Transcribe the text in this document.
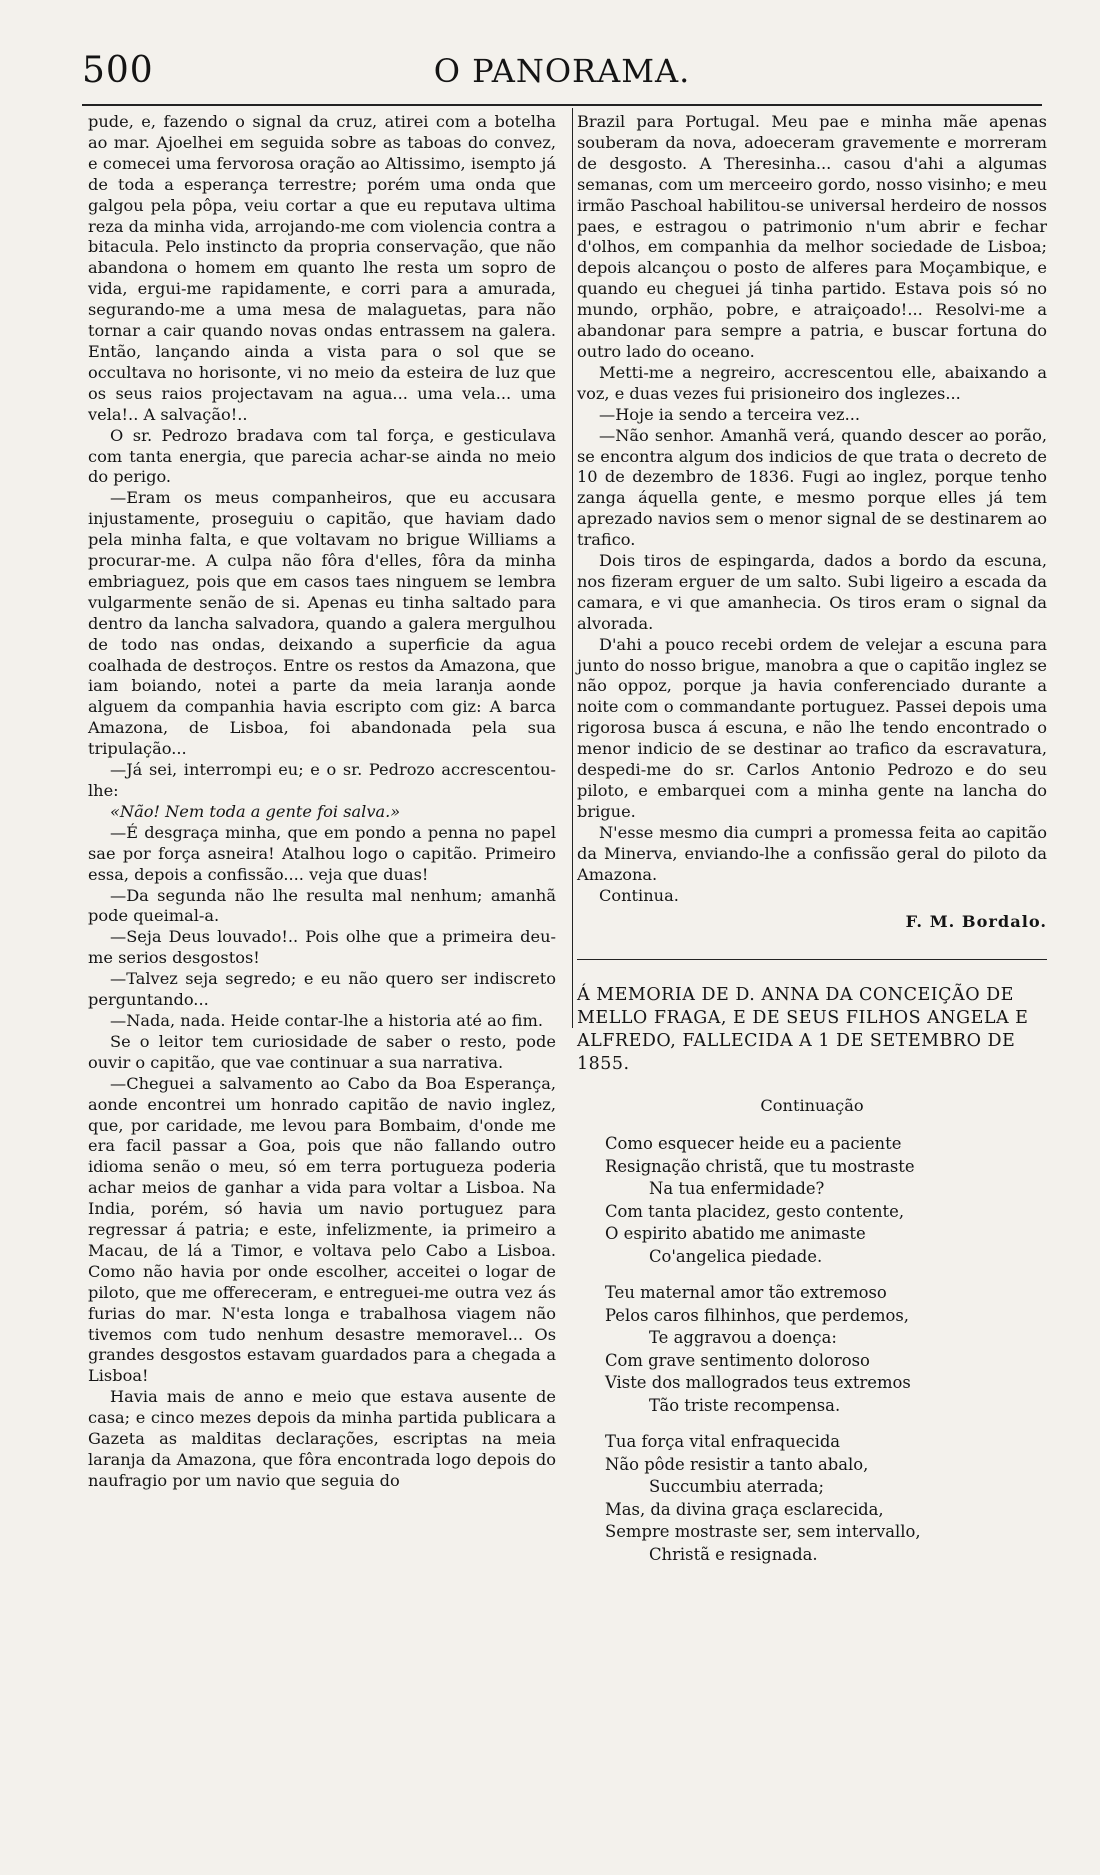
500	O PANORAMA.

pude, e, fazendo o signal da cruz, atirei com a botelha ao mar. Ajoelhei em seguida sobre as taboas do convez, e comecei uma fervorosa oração ao Altissimo, isempto já de toda a esperança terrestre; porém uma onda que galgou pela pôpa, veiu cortar a que eu reputava ultima reza da minha vida, arrojando-me com violencia contra a bitacula. Pelo instincto da propria conservação, que não abandona o homem em quanto lhe resta um sopro de vida, ergui-me rapidamente, e corri para a amurada, segurando-me a uma mesa de malaguetas, para não tornar a cair quando novas ondas entrassem na galera. Então, lançando ainda a vista para o sol que se occultava no horisonte, vi no meio da esteira de luz que os seus raios projectavam na agua... uma vela... uma vela!.. A salvação!..

O sr. Pedrozo bradava com tal força, e gesticulava com tanta energia, que parecia achar-se ainda no meio do perigo.

—Eram os meus companheiros, que eu accusara injustamente, proseguiu o capitão, que haviam dado pela minha falta, e que voltavam no brigue Williams a procurar-me. A culpa não fôra d'elles, fôra da minha embriaguez, pois que em casos taes ninguem se lembra vulgarmente senão de si. Apenas eu tinha saltado para dentro da lancha salvadora, quando a galera mergulhou de todo nas ondas, deixando a superficie da agua coalhada de destroços. Entre os restos da Amazona, que iam boiando, notei a parte da meia laranja aonde alguem da companhia havia escripto com giz: A barca Amazona, de Lisboa, foi abandonada pela sua tripulação...

—Já sei, interrompi eu; e o sr. Pedrozo accrescentou-lhe:

«Não! Nem toda a gente foi salva.»

—É desgraça minha, que em pondo a penna no papel sae por força asneira! Atalhou logo o capitão. Primeiro essa, depois a confissão.... veja que duas!

—Da segunda não lhe resulta mal nenhum; amanhã pode queimal-a.

—Seja Deus louvado!.. Pois olhe que a primeira deu-me serios desgostos!

—Talvez seja segredo; e eu não quero ser indiscreto perguntando...

—Nada, nada. Heide contar-lhe a historia até ao fim.

Se o leitor tem curiosidade de saber o resto, pode ouvir o capitão, que vae continuar a sua narrativa.

—Cheguei a salvamento ao Cabo da Boa Esperança, aonde encontrei um honrado capitão de navio inglez, que, por caridade, me levou para Bombaim, d'onde me era facil passar a Goa, pois que não fallando outro idioma senão o meu, só em terra portugueza poderia achar meios de ganhar a vida para voltar a Lisboa. Na India, porém, só havia um navio portuguez para regressar á patria; e este, infelizmente, ia primeiro a Macau, de lá a Timor, e voltava pelo Cabo a Lisboa. Como não havia por onde escolher, acceitei o logar de piloto, que me offereceram, e entreguei-me outra vez ás furias do mar. N'esta longa e trabalhosa viagem não tivemos com tudo nenhum desastre memoravel... Os grandes desgostos estavam guardados para a chegada a Lisboa!

Havia mais de anno e meio que estava ausente de casa; e cinco mezes depois da minha partida publicara a Gazeta as malditas declarações, escriptas na meia laranja da Amazona, que fôra encontrada logo depois do naufragio por um navio que seguia do

Brazil para Portugal. Meu pae e minha mãe apenas souberam da nova, adoeceram gravemente e morreram de desgosto. A Theresinha... casou d'ahi a algumas semanas, com um merceeiro gordo, nosso visinho; e meu irmão Paschoal habilitou-se universal herdeiro de nossos paes, e estragou o patrimonio n'um abrir e fechar d'olhos, em companhia da melhor sociedade de Lisboa; depois alcançou o posto de alferes para Moçambique, e quando eu cheguei já tinha partido. Estava pois só no mundo, orphão, pobre, e atraiçoado!... Resolvi-me a abandonar para sempre a patria, e buscar fortuna do outro lado do oceano.

Metti-me a negreiro, accrescentou elle, abaixando a voz, e duas vezes fui prisioneiro dos inglezes...

—Hoje ia sendo a terceira vez...

—Não senhor. Amanhã verá, quando descer ao porão, se encontra algum dos indicios de que trata o decreto de 10 de dezembro de 1836. Fugi ao inglez, porque tenho zanga áquella gente, e mesmo porque elles já tem aprezado navios sem o menor signal de se destinarem ao trafico.

Dois tiros de espingarda, dados a bordo da escuna, nos fizeram erguer de um salto. Subi ligeiro a escada da camara, e vi que amanhecia. Os tiros eram o signal da alvorada.

D'ahi a pouco recebi ordem de velejar a escuna para junto do nosso brigue, manobra a que o capitão inglez se não oppoz, porque ja havia conferenciado durante a noite com o commandante portuguez. Passei depois uma rigorosa busca á escuna, e não lhe tendo encontrado o menor indicio de se destinar ao trafico da escravatura, despedi-me do sr. Carlos Antonio Pedrozo e do seu piloto, e embarquei com a minha gente na lancha do brigue.

N'esse mesmo dia cumpri a promessa feita ao capitão da Minerva, enviando-lhe a confissão geral do piloto da Amazona.

Continua.

F. M. Bordalo.

Á MEMORIA DE D. ANNA DA CONCEIÇÃO DE MELLO FRAGA, E DE SEUS FILHOS ANGELA E ALFREDO, FALLECIDA A 1 DE SETEMBRO DE 1855.

Continuação

Como esquecer heide eu a paciente
Resignação christã, que tu mostraste
Na tua enfermidade?
Com tanta placidez, gesto contente,
O espirito abatido me animaste
Co'angelica piedade.
Teu maternal amor tão extremoso
Pelos caros filhinhos, que perdemos,
Te aggravou a doença:
Com grave sentimento doloroso
Viste dos mallogrados teus extremos
Tão triste recompensa.
Tua força vital enfraquecida
Não pôde resistir a tanto abalo,
Succumbiu aterrada;
Mas, da divina graça esclarecida,
Sempre mostraste ser, sem intervallo,
Christã e resignada.
